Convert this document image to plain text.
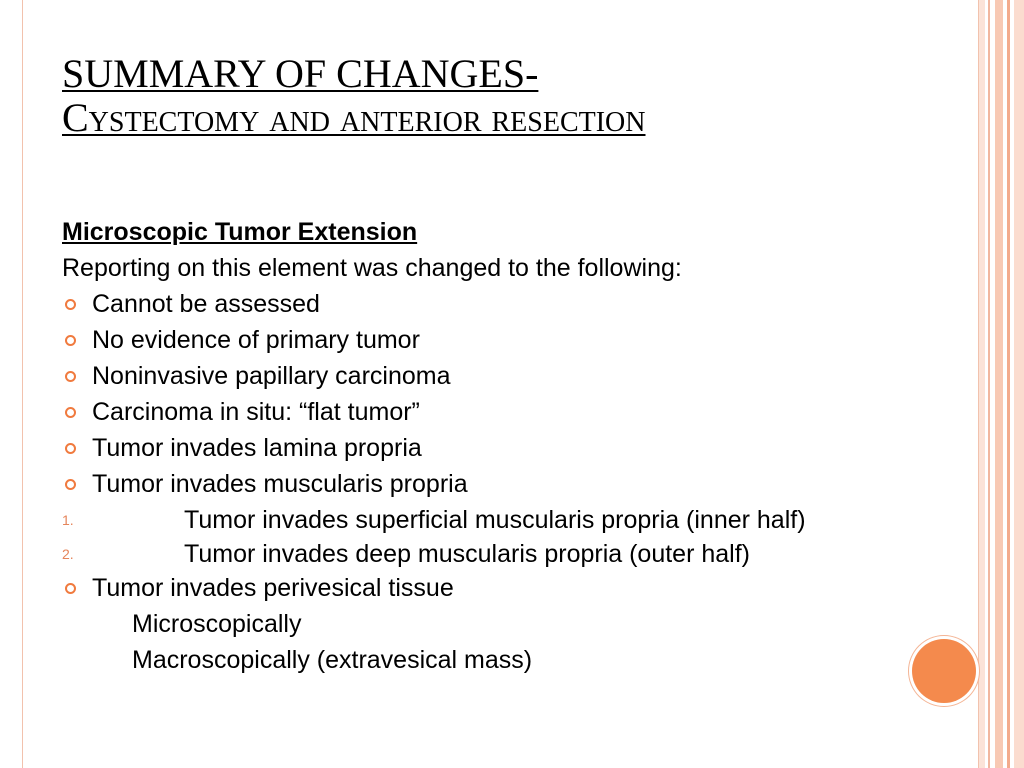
SUMMARY OF CHANGES-
Cystectomy and anterior resection
Microscopic Tumor Extension
Reporting on this element was changed to the following:
Cannot be assessed
No evidence of primary tumor
Noninvasive papillary carcinoma
Carcinoma in situ: “flat tumor”
Tumor invades lamina propria
Tumor invades muscularis propria
1.	Tumor invades superficial muscularis propria (inner half)
2.	Tumor invades deep muscularis propria (outer half)
Tumor invades perivesical tissue
Microscopically
Macroscopically (extravesical mass)
